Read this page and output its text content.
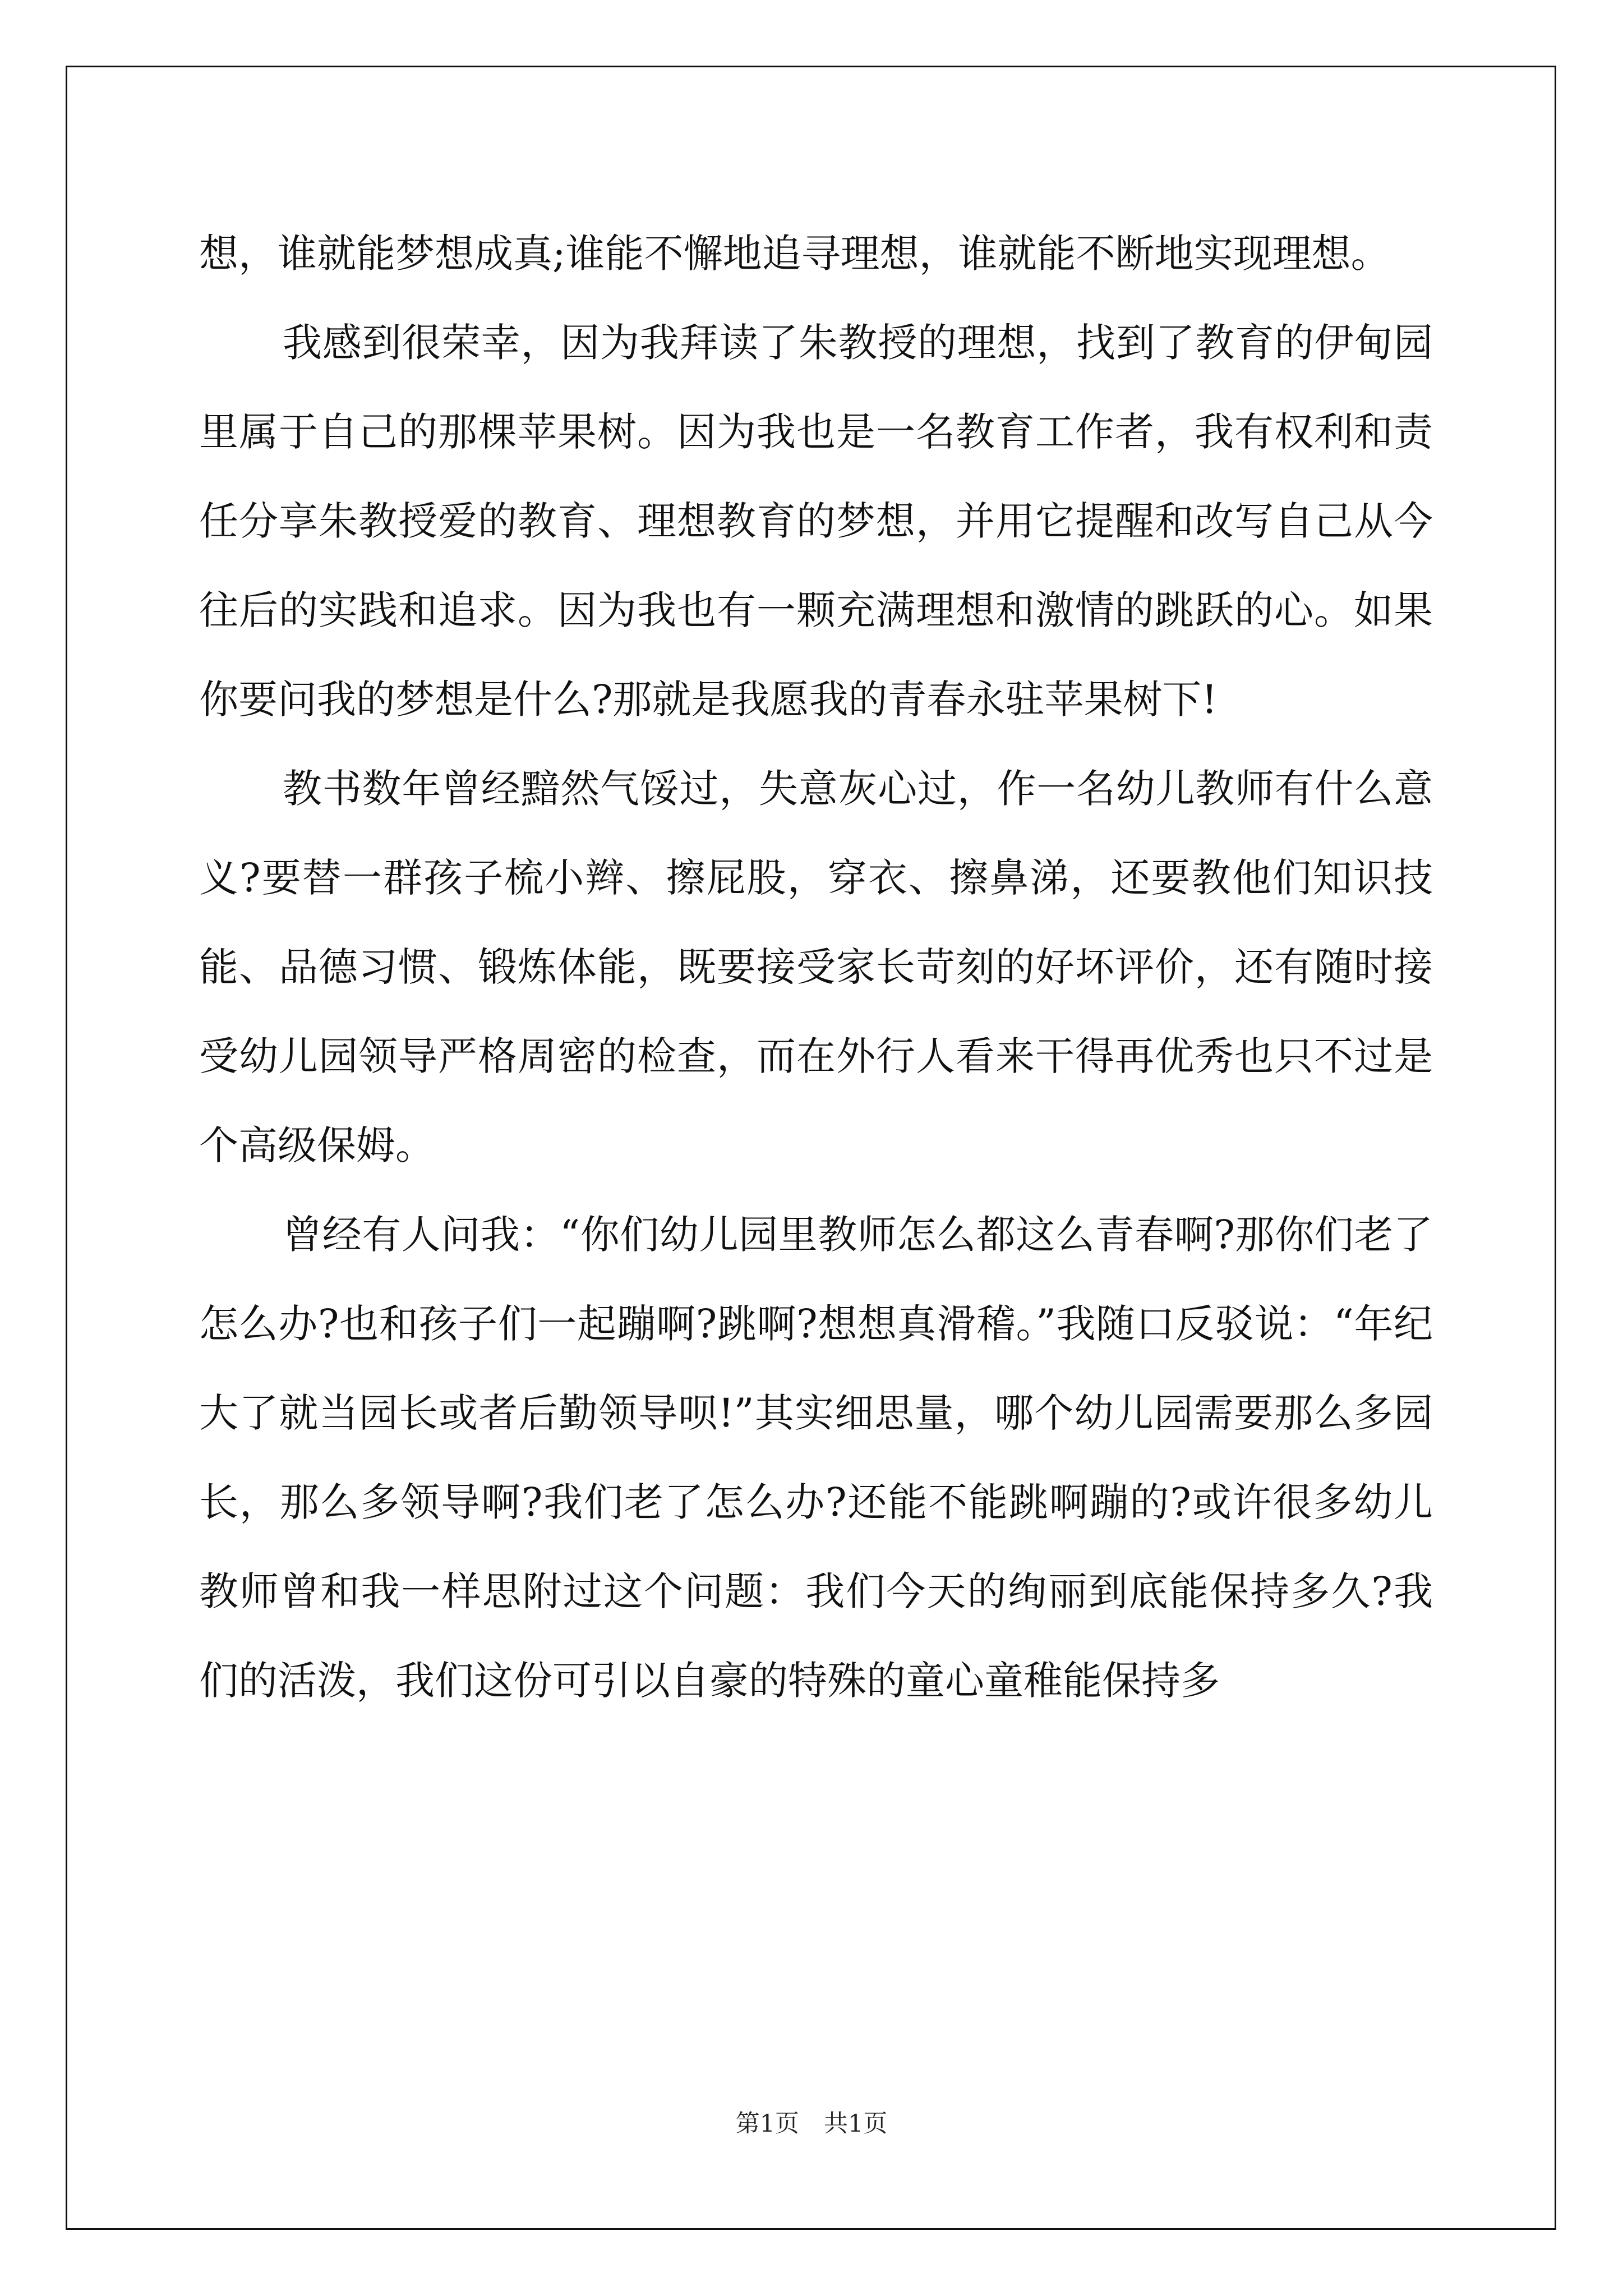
想，谁就能梦想成真;谁能不懈地追寻理想，谁就能不断地实现理想。

我感到很荣幸，因为我拜读了朱教授的理想，找到了教育的伊甸园里属于自己的那棵苹果树。因为我也是一名教育工作者，我有权利和责任分享朱教授爱的教育、理想教育的梦想，并用它提醒和改写自己从今往后的实践和追求。因为我也有一颗充满理想和激情的跳跃的心。如果你要问我的梦想是什么?那就是我愿我的青春永驻苹果树下!

教书数年曾经黯然气馁过，失意灰心过，作一名幼儿教师有什么意义?要替一群孩子梳小辫、擦屁股，穿衣、擦鼻涕，还要教他们知识技能、品德习惯、锻炼体能，既要接受家长苛刻的好坏评价，还有随时接受幼儿园领导严格周密的检查，而在外行人看来干得再优秀也只不过是个高级保姆。

曾经有人问我：“你们幼儿园里教师怎么都这么青春啊?那你们老了怎么办?也和孩子们一起蹦啊?跳啊?想想真滑稽。”我随口反驳说：“年纪大了就当园长或者后勤领导呗!”其实细思量，哪个幼儿园需要那么多园长，那么多领导啊?我们老了怎么办?还能不能跳啊蹦的?或许很多幼儿教师曾和我一样思附过这个问题：我们今天的绚丽到底能保持多久?我们的活泼，我们这份可引以自豪的特殊的童心童稚能保持多

第1页 共1页
